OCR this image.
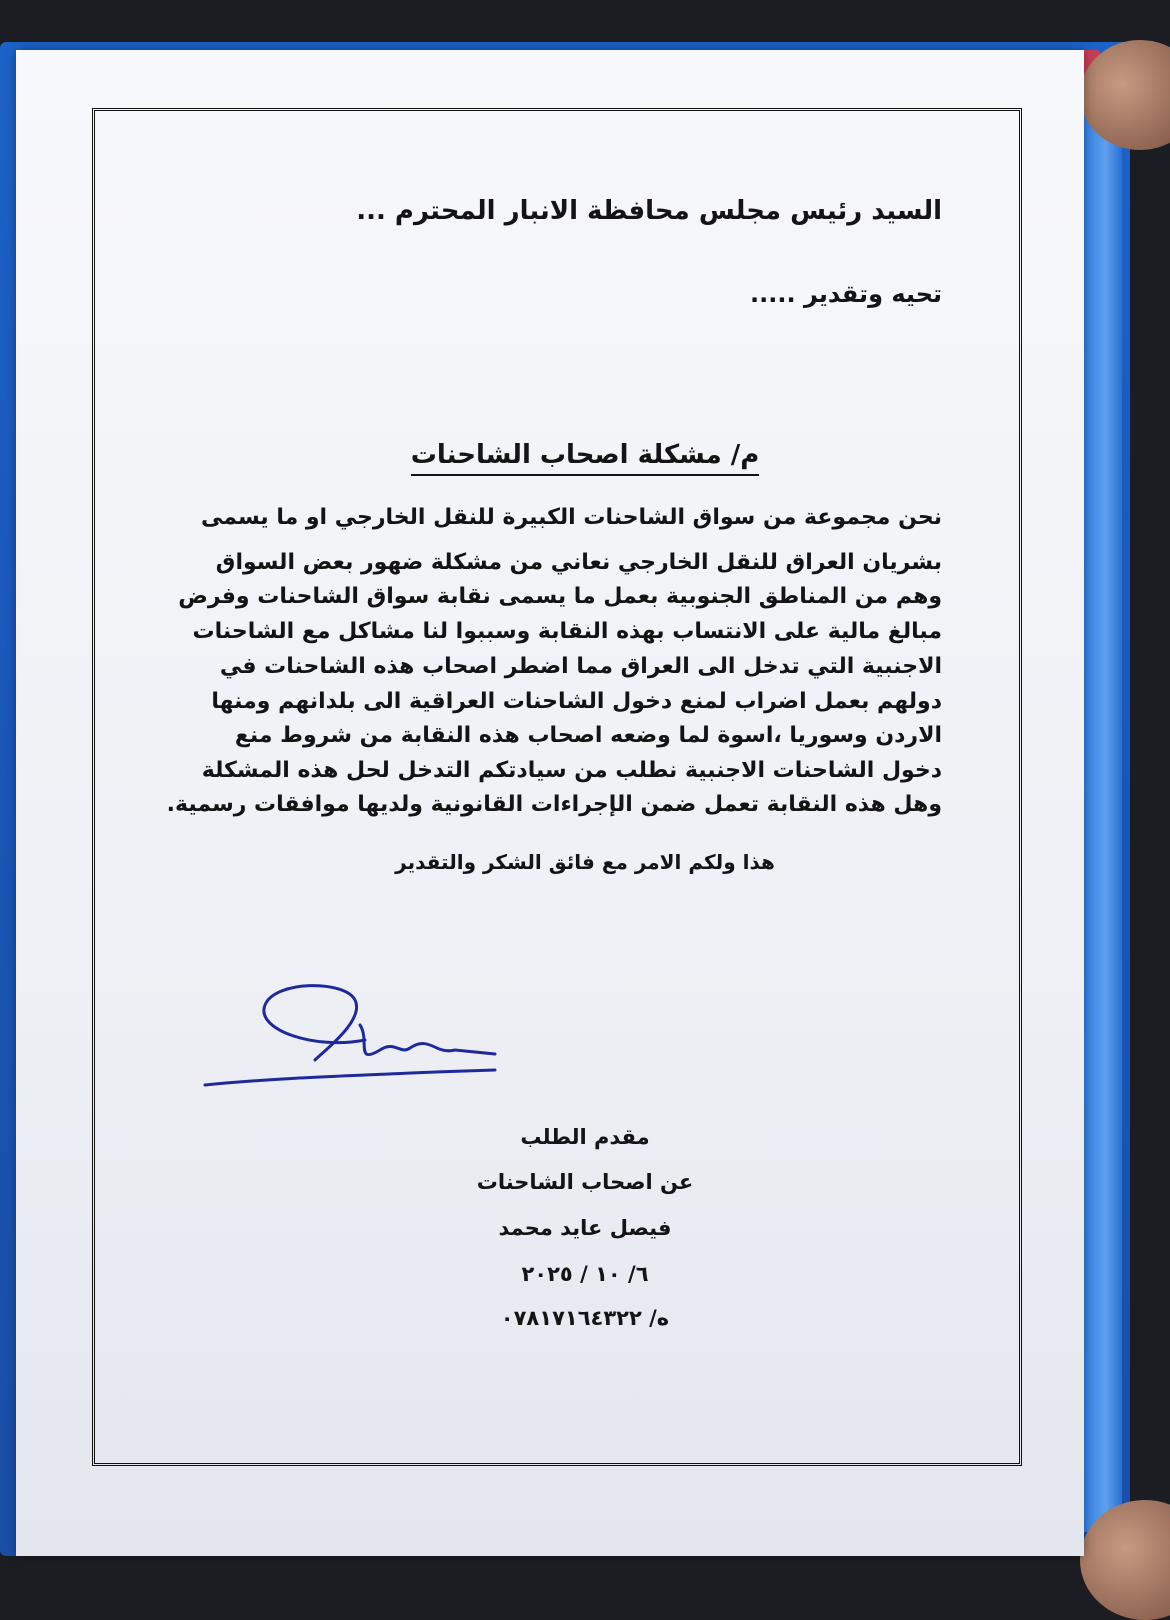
السيد رئيس مجلس محافظة الانبار المحترم ...
تحيه وتقدير .....
م/ مشكلة اصحاب الشاحنات
نحن مجموعة من سواق الشاحنات الكبيرة للنقل الخارجي او ما يسمى
بشريان العراق للنقل الخارجي نعاني من مشكلة ضهور بعض السواق
وهم من المناطق الجنوبية بعمل ما يسمى نقابة سواق الشاحنات وفرض
مبالغ مالية على الانتساب بهذه النقابة وسببوا لنا مشاكل مع الشاحنات
الاجنبية التي تدخل الى العراق مما اضطر اصحاب هذه الشاحنات في
دولهم بعمل اضراب لمنع دخول الشاحنات العراقية الى بلدانهم ومنها
الاردن وسوريا ،اسوة لما وضعه اصحاب هذه النقابة من شروط منع
دخول الشاحنات الاجنبية نطلب من سيادتكم التدخل لحل هذه المشكلة
وهل هذه النقابة تعمل ضمن الإجراءات القانونية ولديها موافقات رسمية.
هذا ولكم الامر مع فائق الشكر والتقدير
مقدم الطلب
عن اصحاب الشاحنات
فيصل عايد محمد
٦/ ١٠ / ٢٠٢٥
ه/ ٠٧٨١٧١٦٤٣٢٢
